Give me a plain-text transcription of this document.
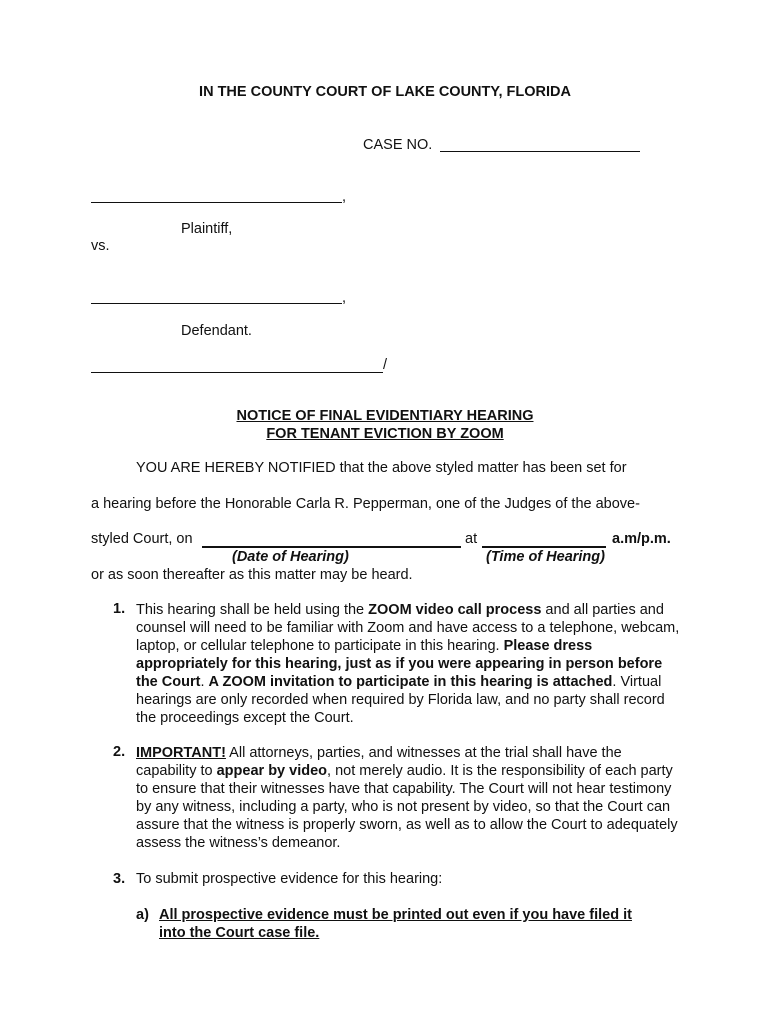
IN THE COUNTY COURT OF LAKE COUNTY, FLORIDA
CASE NO.
,
Plaintiff,
vs.
,
Defendant.
/
NOTICE OF FINAL EVIDENTIARY HEARING
FOR TENANT EVICTION BY ZOOM
YOU ARE HEREBY NOTIFIED that the above styled matter has been set for
a hearing before the Honorable Carla R. Pepperman, one of the Judges of the above-
styled Court, on	at	a.m/p.m.
(Date of Hearing)	(Time of Hearing)
or as soon thereafter as this matter may be heard.
1. This hearing shall be held using the ZOOM video call process and all parties and counsel will need to be familiar with Zoom and have access to a telephone, webcam, laptop, or cellular telephone to participate in this hearing. Please dress appropriately for this hearing, just as if you were appearing in person before the Court. A ZOOM invitation to participate in this hearing is attached. Virtual hearings are only recorded when required by Florida law, and no party shall record the proceedings except the Court.
2. IMPORTANT! All attorneys, parties, and witnesses at the trial shall have the capability to appear by video, not merely audio. It is the responsibility of each party to ensure that their witnesses have that capability. The Court will not hear testimony by any witness, including a party, who is not present by video, so that the Court can assure that the witness is properly sworn, as well as to allow the Court to adequately assess the witness’s demeanor.
3. To submit prospective evidence for this hearing:
a) All prospective evidence must be printed out even if you have filed it
into the Court case file.
